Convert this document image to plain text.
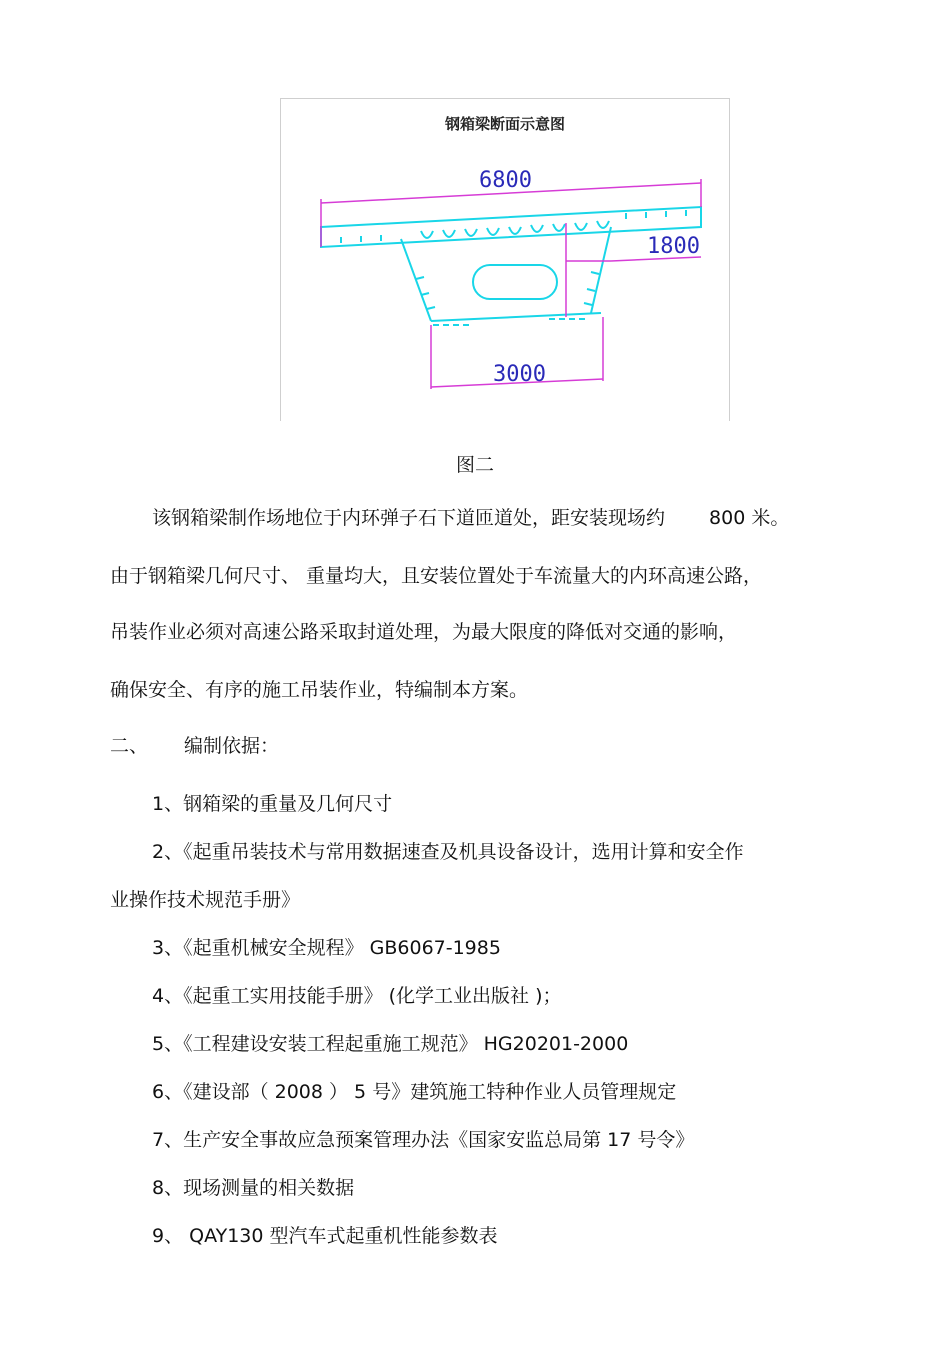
钢箱梁断面示意图
6800
1800
3000
图二
该钢箱梁制作场地位于内环弹子石下道匝道处，距安装现场约 800 米。
由于钢箱梁几何尺寸、 重量均大，且安装位置处于车流量大的内环高速公路，
吊装作业必须对高速公路采取封道处理，为最大限度的降低对交通的影响，
确保安全、有序的施工吊装作业，特编制本方案。
二、 编制依据：
1、钢箱梁的重量及几何尺寸
2、《起重吊装技术与常用数据速查及机具设备设计，选用计算和安全作
业操作技术规范手册》
3、《起重机械安全规程》 GB6067-1985
4、《起重工实用技能手册》 (化学工业出版社 )；
5、《工程建设安装工程起重施工规范》 HG20201-2000
6、《建设部（ 2008 ） 5 号》建筑施工特种作业人员管理规定
7、生产安全事故应急预案管理办法《国家安监总局第 17 号令》
8、现场测量的相关数据
9、 QAY130 型汽车式起重机性能参数表
